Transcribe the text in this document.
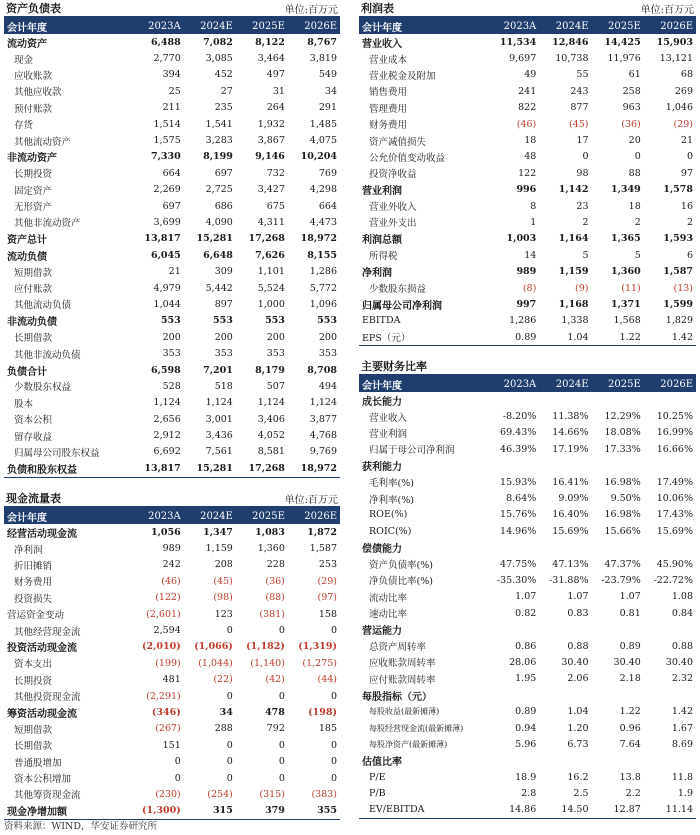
资产负债表	单位:百万元
会计年度	2023A	2024E	2025E	2026E
流动资产	6,488	7,082	8,122	8,767
现金	2,770	3,085	3,464	3,819
应收账款	394	452	497	549
其他应收款	25	27	31	34
预付账款	211	235	264	291
存货	1,514	1,541	1,932	1,485
其他流动资产	1,575	3,283	3,867	4,075
非流动资产	7,330	8,199	9,146	10,204
长期投资	664	697	732	769
固定资产	2,269	2,725	3,427	4,298
无形资产	697	686	675	664
其他非流动资产	3,699	4,090	4,311	4,473
资产总计	13,817	15,281	17,268	18,972
流动负债	6,045	6,648	7,626	8,155
短期借款	21	309	1,101	1,286
应付账款	4,979	5,442	5,524	5,772
其他流动负债	1,044	897	1,000	1,096
非流动负债	553	553	553	553
长期借款	200	200	200	200
其他非流动负债	353	353	353	353
负债合计	6,598	7,201	8,179	8,708
少数股东权益	528	518	507	494
股本	1,124	1,124	1,124	1,124
资本公积	2,656	3,001	3,406	3,877
留存收益	2,912	3,436	4,052	4,768
归属母公司股东权益	6,692	7,561	8,581	9,769
负债和股东权益	13,817	15,281	17,268	18,972
利润表	单位:百万元
会计年度	2023A	2024E	2025E	2026E
营业收入	11,534	12,846	14,425	15,903
营业成本	9,697	10,738	11,976	13,121
营业税金及附加	49	55	61	68
销售费用	241	243	258	269
管理费用	822	877	963	1,046
财务费用	(46)	(45)	(36)	(29)
资产减值损失	18	17	20	21
公允价值变动收益	48	0	0	0
投资净收益	122	98	88	97
营业利润	996	1,142	1,349	1,578
营业外收入	8	23	18	16
营业外支出	1	2	2	2
利润总额	1,003	1,164	1,365	1,593
所得税	14	5	5	6
净利润	989	1,159	1,360	1,587
少数股东损益	(8)	(9)	(11)	(13)
归属母公司净利润	997	1,168	1,371	1,599
EBITDA	1,286	1,338	1,568	1,829
EPS（元）	0.89	1.04	1.22	1.42
主要财务比率
会计年度	2023A	2024E	2025E	2026E
成长能力				
营业收入	-8.20%	11.38%	12.29%	10.25%
营业利润	69.43%	14.66%	18.08%	16.99%
归属于母公司净利润	46.39%	17.19%	17.33%	16.66%
获利能力				
毛利率(%)	15.93%	16.41%	16.98%	17.49%
净利率(%)	8.64%	9.09%	9.50%	10.06%
ROE(%)	15.76%	16.40%	16.98%	17.43%
ROIC(%)	14.96%	15.69%	15.66%	15.69%
偿债能力				
资产负债率(%)	47.75%	47.13%	47.37%	45.90%
净负债比率(%)	-35.30%	-31.88%	-23.79%	-22.72%
流动比率	1.07	1.07	1.07	1.08
速动比率	0.82	0.83	0.81	0.84
营运能力				
总资产周转率	0.86	0.88	0.89	0.88
应收账款周转率	28.06	30.40	30.40	30.40
应付账款周转率	1.95	2.06	2.18	2.32
每股指标（元）				
每股收益(最新摊薄)	0.89	1.04	1.22	1.42
每股经营现金流(最新摊薄)	0.94	1.20	0.96	1.67
每股净资产(最新摊薄)	5.96	6.73	7.64	8.69
估值比率				
P/E	18.9	16.2	13.8	11.8
P/B	2.8	2.5	2.2	1.9
EV/EBITDA	14.86	14.50	12.87	11.14
现金流量表	单位:百万元
会计年度	2023A	2024E	2025E	2026E
经营活动现金流	1,056	1,347	1,083	1,872
净利润	989	1,159	1,360	1,587
折旧摊销	242	208	228	253
财务费用	(46)	(45)	(36)	(29)
投资损失	(122)	(98)	(88)	(97)
营运资金变动	(2,601)	123	(381)	158
其他经营现金流	2,594	0	0	0
投资活动现金流	(2,010)	(1,066)	(1,182)	(1,319)
资本支出	(199)	(1,044)	(1,140)	(1,275)
长期投资	481	(22)	(42)	(44)
其他投资现金流	(2,291)	0	0	0
筹资活动现金流	(346)	34	478	(198)
短期借款	(267)	288	792	185
长期借款	151	0	0	0
普通股增加	0	0	0	0
资本公积增加	0	0	0	0
其他筹资现金流	(230)	(254)	(315)	(383)
现金净增加额	(1,300)	315	379	355
资料来源：WIND，华安证券研究所
